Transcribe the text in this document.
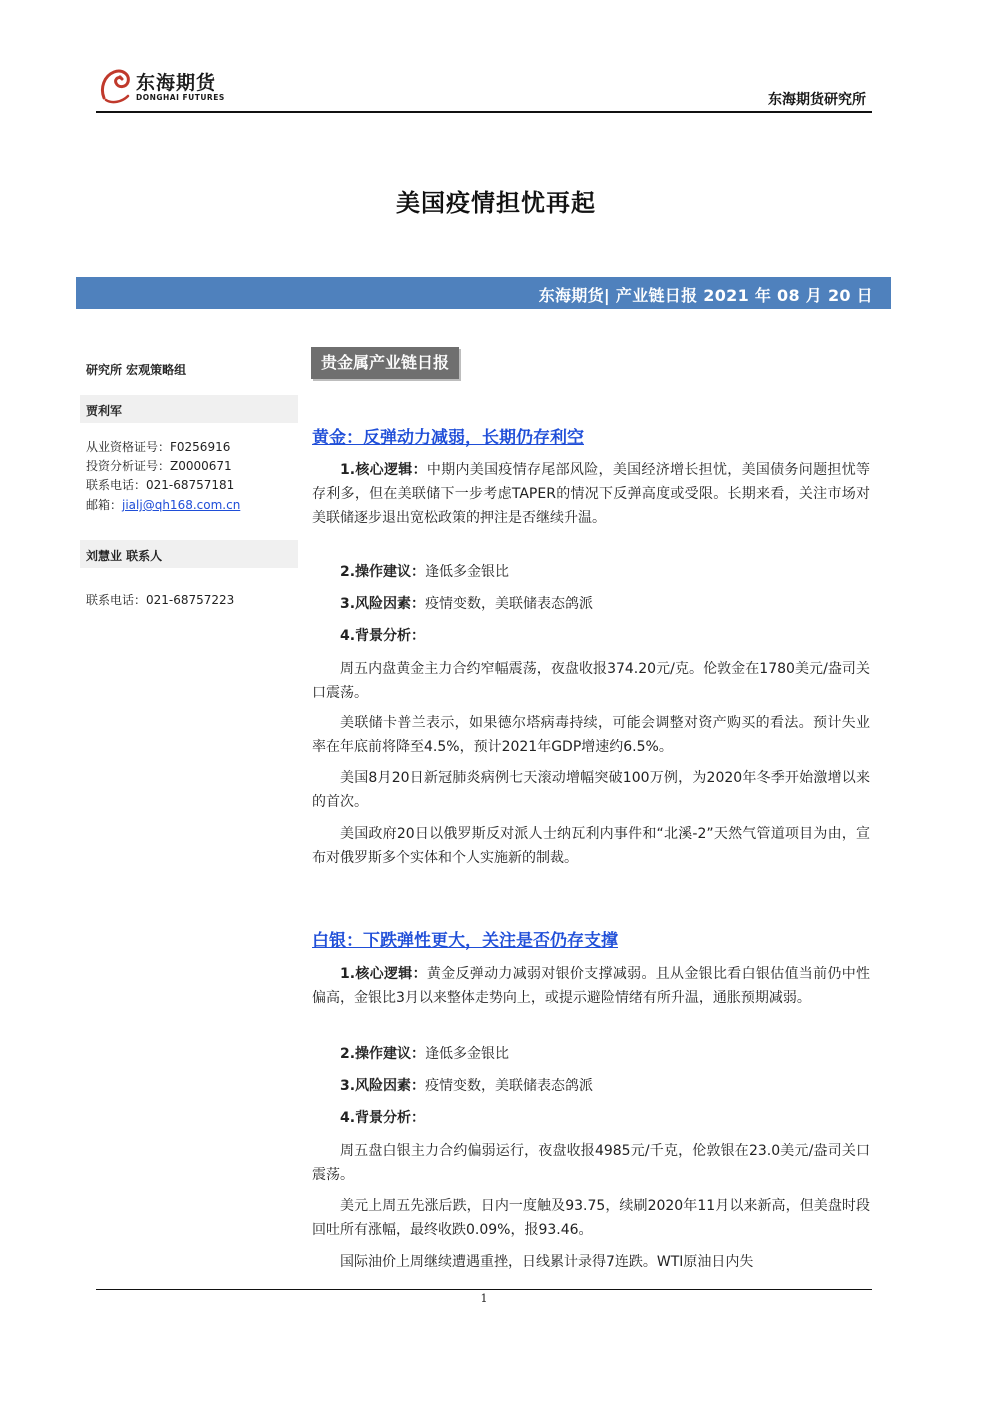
东海期货
DONGHAI FUTURES	东海期货研究所
美国疫情担忧再起
东海期货| 产业链日报 2021 年 08 月 20 日
研究所 宏观策略组
贾利军
从业资格证号：F0256916
投资分析证号：Z0000671
联系电话：021-68757181
邮箱：jialj@qh168.com.cn
刘慧业 联系人
联系电话：021-68757223
贵金属产业链日报
黄金：反弹动力减弱，长期仍存利空
1.核心逻辑：中期内美国疫情存尾部风险，美国经济增长担忧，美国债务问题担忧等存利多，但在美联储下一步考虑TAPER的情况下反弹高度或受限。长期来看，关注市场对美联储逐步退出宽松政策的押注是否继续升温。
2.操作建议：逢低多金银比
3.风险因素：疫情变数，美联储表态鸽派
4.背景分析：
周五内盘黄金主力合约窄幅震荡，夜盘收报374.20元/克。伦敦金在1780美元/盎司关口震荡。
美联储卡普兰表示，如果德尔塔病毒持续，可能会调整对资产购买的看法。预计失业率在年底前将降至4.5%，预计2021年GDP增速约6.5%。
美国8月20日新冠肺炎病例七天滚动增幅突破100万例，为2020年冬季开始激增以来的首次。
美国政府20日以俄罗斯反对派人士纳瓦利内事件和“北溪-2”天然气管道项目为由，宣布对俄罗斯多个实体和个人实施新的制裁。
白银：下跌弹性更大，关注是否仍存支撑
1.核心逻辑：黄金反弹动力减弱对银价支撑减弱。且从金银比看白银估值当前仍中性偏高，金银比3月以来整体走势向上，或提示避险情绪有所升温，通胀预期减弱。
2.操作建议：逢低多金银比
3.风险因素：疫情变数，美联储表态鸽派
4.背景分析：
周五盘白银主力合约偏弱运行，夜盘收报4985元/千克，伦敦银在23.0美元/盎司关口震荡。
美元上周五先涨后跌，日内一度触及93.75，续刷2020年11月以来新高，但美盘时段回吐所有涨幅，最终收跌0.09%，报93.46。
国际油价上周继续遭遇重挫，日线累计录得7连跌。WTI原油日内失
1
